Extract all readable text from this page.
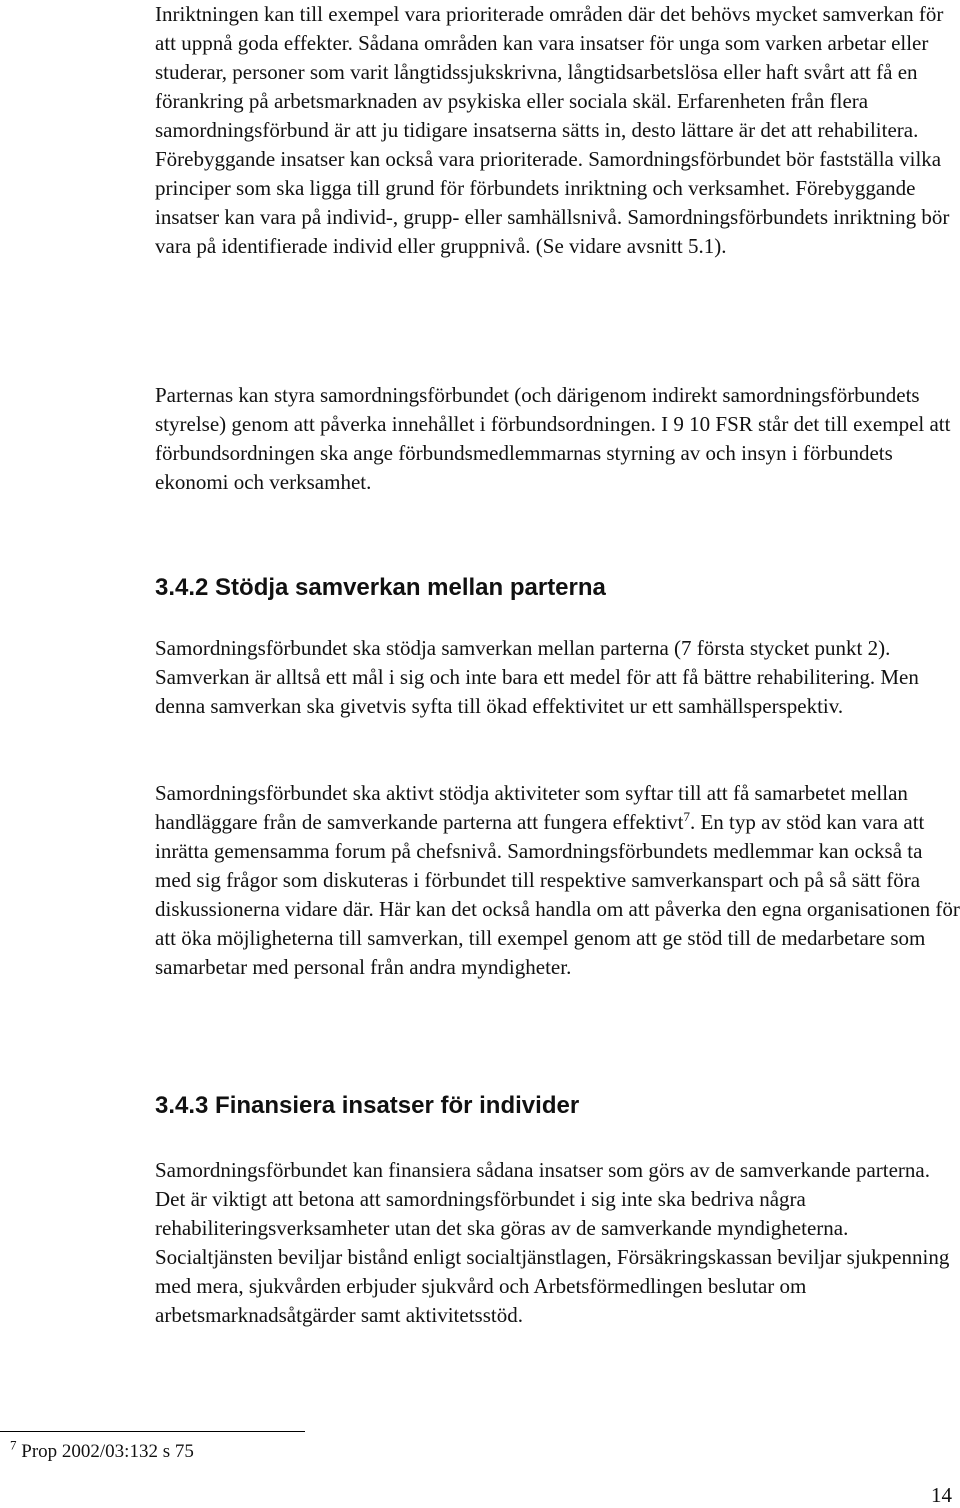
Inriktningen kan till exempel vara prioriterade områden där det behövs mycket samverkan för att uppnå goda effekter. Sådana områden kan vara insatser för unga som varken arbetar eller studerar, personer som varit långtidssjukskrivna, långtidsarbetslösa eller haft svårt att få en förankring på arbetsmarknaden av psykiska eller sociala skäl. Erfarenheten från flera samordningsförbund är att ju tidigare insatserna sätts in, desto lättare är det att rehabilitera. Förebyggande insatser kan också vara prioriterade. Samordningsförbundet bör fastställa vilka principer som ska ligga till grund för förbundets inriktning och verksamhet. Förebyggande insatser kan vara på individ-, grupp- eller samhällsnivå. Samordningsförbundets inriktning bör vara på identifierade individ eller gruppnivå. (Se vidare avsnitt 5.1).

Parternas kan styra samordningsförbundet (och därigenom indirekt samordningsförbundets styrelse) genom att påverka innehållet i förbundsordningen. I 9 10 FSR står det till exempel att förbundsordningen ska ange förbundsmedlemmarnas styrning av och insyn i förbundets ekonomi och verksamhet.

3.4.2 Stödja samverkan mellan parterna

Samordningsförbundet ska stödja samverkan mellan parterna (7 första stycket punkt 2). Samverkan är alltså ett mål i sig och inte bara ett medel för att få bättre rehabilitering. Men denna samverkan ska givetvis syfta till ökad effektivitet ur ett samhällsperspektiv.

Samordningsförbundet ska aktivt stödja aktiviteter som syftar till att få samarbetet mellan handläggare från de samverkande parterna att fungera effektivt$^7$. En typ av stöd kan vara att inrätta gemensamma forum på chefsnivå. Samordningsförbundets medlemmar kan också ta med sig frågor som diskuteras i förbundet till respektive samverkanspart och på så sätt föra diskussionerna vidare där. Här kan det också handla om att påverka den egna organisationen för att öka möjligheterna till samverkan, till exempel genom att ge stöd till de medarbetare som samarbetar med personal från andra myndigheter.

3.4.3 Finansiera insatser för individer

Samordningsförbundet kan finansiera sådana insatser som görs av de samverkande parterna. Det är viktigt att betona att samordningsförbundet i sig inte ska bedriva några rehabiliteringsverksamheter utan det ska göras av de samverkande myndigheterna. Socialtjänsten beviljar bistånd enligt socialtjänstlagen, Försäkringskassan beviljar sjukpenning med mera, sjukvården erbjuder sjukvård och Arbetsförmedlingen beslutar om arbetsmarknadsåtgärder samt aktivitetsstöd.

$^7$ Prop 2002/03:132 s 75
14
